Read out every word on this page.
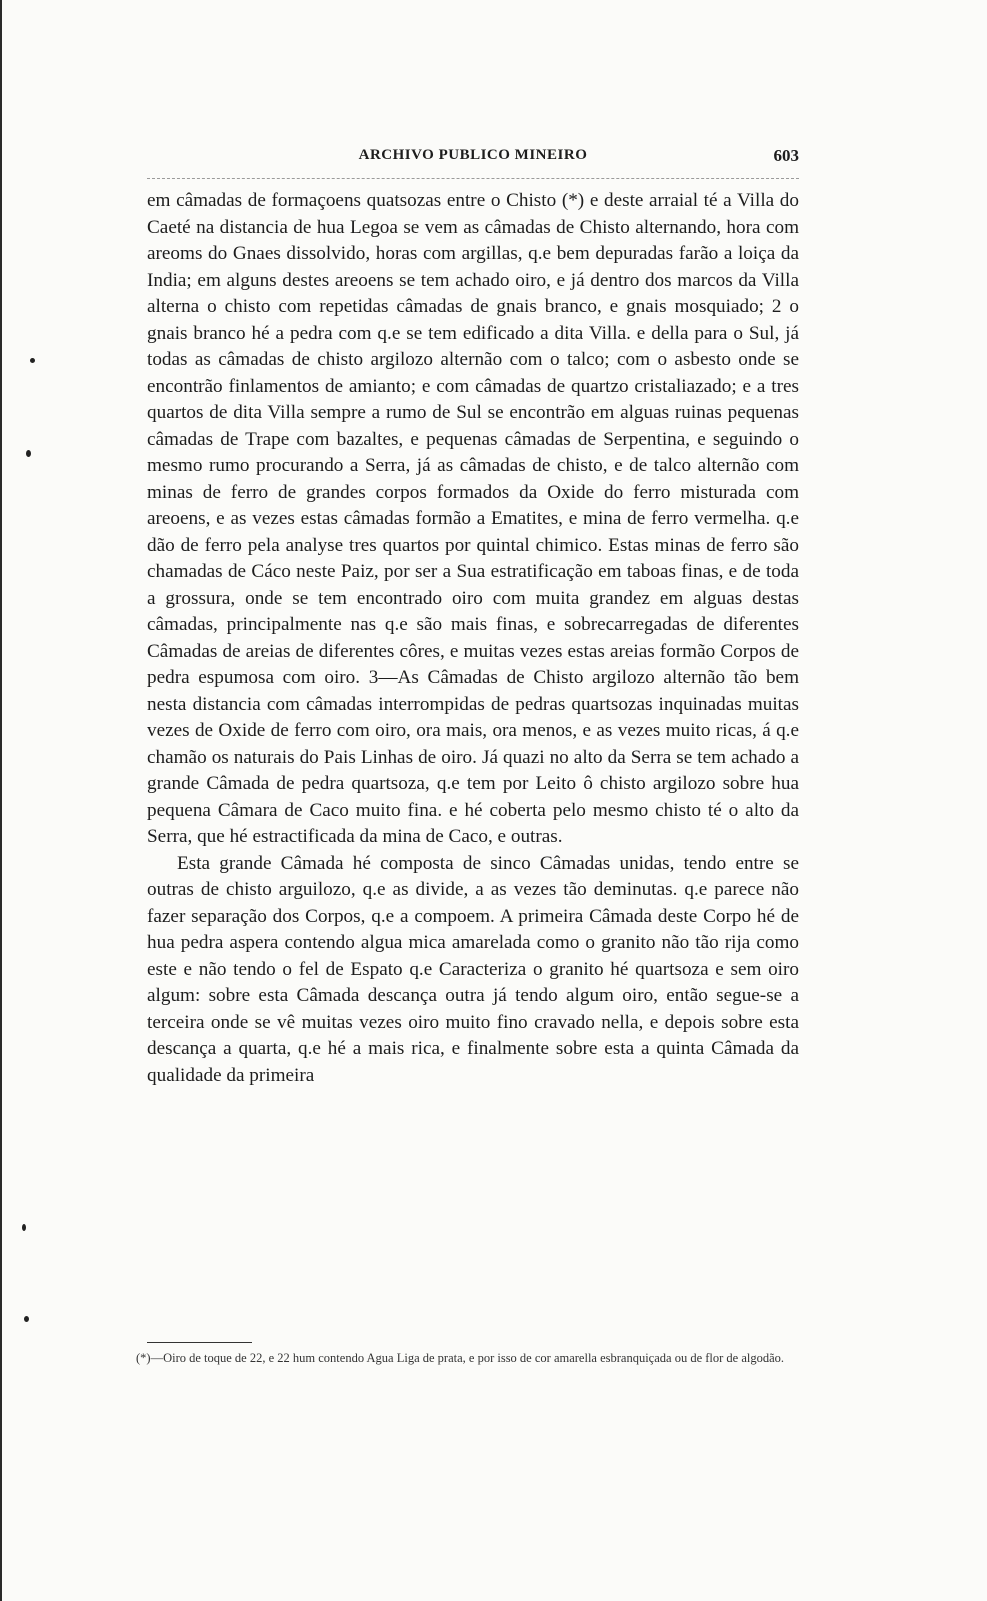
ARCHIVO PUBLICO MINEIRO	603

em câmadas de formaçoens quatsozas entre o Chisto (*) e deste arraial té a Villa do Caeté na distancia de hua Legoa se vem as câmadas de Chisto alternando, hora com areoms do Gnaes dissolvido, horas com argillas, q.e bem depuradas farão a loiça da India; em alguns destes areoens se tem achado oiro, e já dentro dos marcos da Villa alterna o chisto com repetidas câmadas de gnais branco, e gnais mosquiado; 2 o gnais branco hé a pedra com q.e se tem edificado a dita Villa. e della para o Sul, já todas as câmadas de chisto argilozo alternão com o talco; com o asbesto onde se encontrão finlamentos de amianto; e com câmadas de quartzo cristaliazado; e a tres quartos de dita Villa sempre a rumo de Sul se encontrão em alguas ruinas pequenas câmadas de Trape com bazaltes, e pequenas câmadas de Serpentina, e seguindo o mesmo rumo procurando a Serra, já as câmadas de chisto, e de talco alternão com minas de ferro de grandes corpos formados da Oxide do ferro misturada com areoens, e as vezes estas câmadas formão a Ematites, e mina de ferro vermelha. q.e dão de ferro pela analyse tres quartos por quintal chimico. Estas minas de ferro são chamadas de Cáco neste Paiz, por ser a Sua estratificação em taboas finas, e de toda a grossura, onde se tem encontrado oiro com muita grandez em alguas destas câmadas, principalmente nas q.e são mais finas, e sobrecarregadas de diferentes Câmadas de areias de diferentes côres, e muitas vezes estas areias formão Corpos de pedra espumosa com oiro. 3—As Câmadas de Chisto argilozo alternão tão bem nesta distancia com câmadas interrompidas de pedras quartsozas inquinadas muitas vezes de Oxide de ferro com oiro, ora mais, ora menos, e as vezes muito ricas, á q.e chamão os naturais do Pais Linhas de oiro. Já quazi no alto da Serra se tem achado a grande Câmada de pedra quartsoza, q.e tem por Leito ô chisto argilozo sobre hua pequena Câmara de Caco muito fina. e hé coberta pelo mesmo chisto té o alto da Serra, que hé estractificada da mina de Caco, e outras.

Esta grande Câmada hé composta de sinco Câmadas unidas, tendo entre se outras de chisto arguilozo, q.e as divide, a as vezes tão deminutas. q.e parece não fazer separação dos Corpos, q.e a compoem. A primeira Câmada deste Corpo hé de hua pedra aspera contendo algua mica amarelada como o granito não tão rija como este e não tendo o fel de Espato q.e Caracteriza o granito hé quartsoza e sem oiro algum: sobre esta Câmada descança outra já tendo algum oiro, então segue-se a terceira onde se vê muitas vezes oiro muito fino cravado nella, e depois sobre esta descança a quarta, q.e hé a mais rica, e finalmente sobre esta a quinta Câmada da qualidade da primeira

(*)—Oiro de toque de 22, e 22 hum contendo Agua Liga de prata, e por isso de cor amarella esbranquiçada ou de flor de algodão.
